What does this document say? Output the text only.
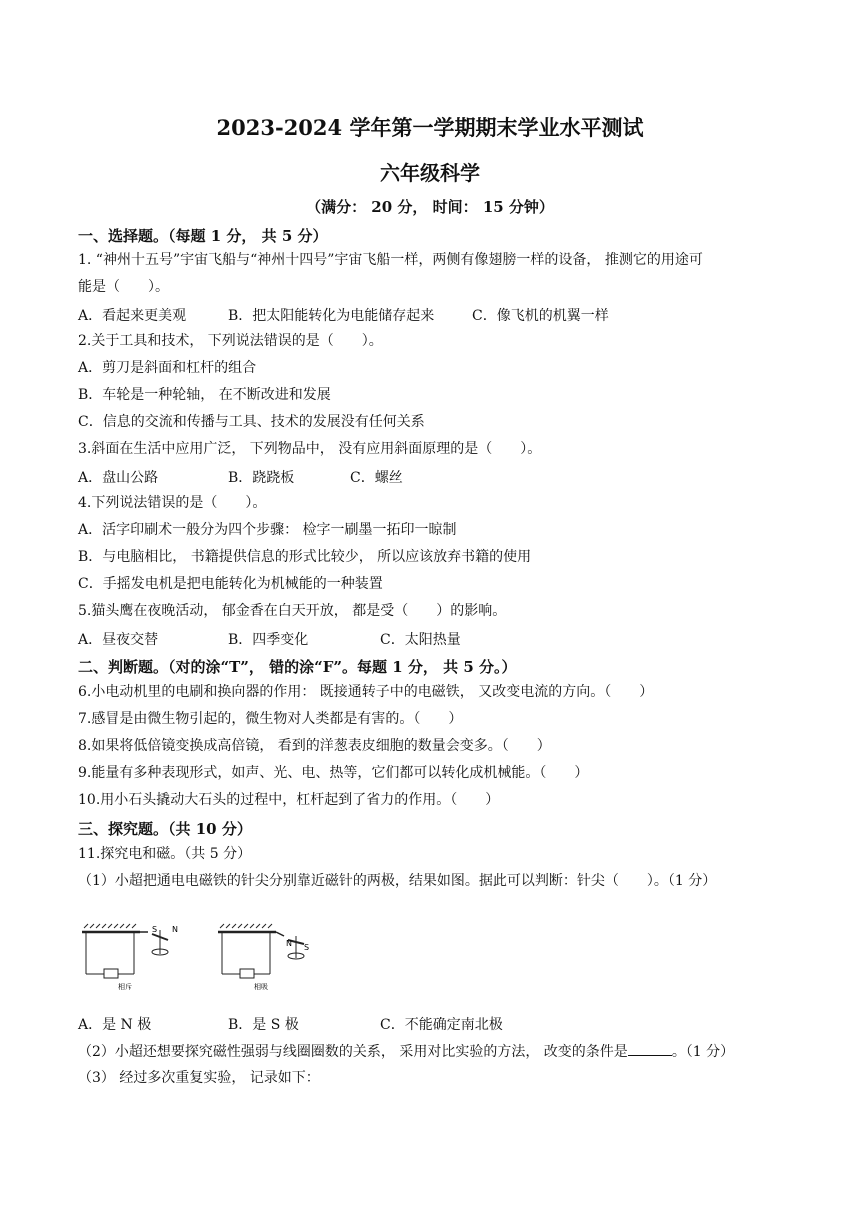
2023-2024 学年第一学期期末学业水平测试
六年级科学
（满分： 20 分， 时间： 15 分钟）
一、选择题。（每题 1 分， 共 5 分）
1. “神州十五号”宇宙飞船与“神州十四号”宇宙飞船一样，两侧有像翅膀一样的设备， 推测它的用途可
能是（　　）。
A．看起来更美观	B．把太阳能转化为电能储存起来	C．像飞机的机翼一样
2.关于工具和技术， 下列说法错误的是（　　）。
A．剪刀是斜面和杠杆的组合
B．车轮是一种轮轴， 在不断改进和发展
C．信息的交流和传播与工具、技术的发展没有任何关系
3.斜面在生活中应用广泛， 下列物品中， 没有应用斜面原理的是（　　）。
A．盘山公路	B．跷跷板	C．螺丝
4.下列说法错误的是（　　）。
A．活字印刷术一般分为四个步骤： 检字一刷墨一拓印一晾制
B．与电脑相比， 书籍提供信息的形式比较少， 所以应该放弃书籍的使用
C．手摇发电机是把电能转化为机械能的一种装置
5.猫头鹰在夜晚活动， 郁金香在白天开放， 都是受（　　）的影响。
A．昼夜交替	B．四季变化	C．太阳热量
二、判断题。（对的涂“T”， 错的涂“F”。每题 1 分， 共 5 分。）
6.小电动机里的电刷和换向器的作用： 既接通转子中的电磁铁， 又改变电流的方向。（　　）
7.感冒是由微生物引起的，微生物对人类都是有害的。（　　）
8.如果将低倍镜变换成高倍镜， 看到的洋葱表皮细胞的数量会变多。（　　）
9.能量有多种表现形式，如声、光、电、热等，它们都可以转化成机械能。（　　）
10.用小石头撬动大石头的过程中，杠杆起到了省力的作用。（　　）
三、探究题。（共 10 分）
11.探究电和磁。（共 5 分）
（1）小超把通电电磁铁的针尖分别靠近磁针的两极，结果如图。据此可以判断：针尖（　　）。（1 分）
S N
相斥
N S
相吸
A．是 N 极	B．是 S 极	C．不能确定南北极
（2）小超还想要探究磁性强弱与线圈圈数的关系， 采用对比实验的方法， 改变的条件是	。（1 分）
（3） 经过多次重复实验， 记录如下：
